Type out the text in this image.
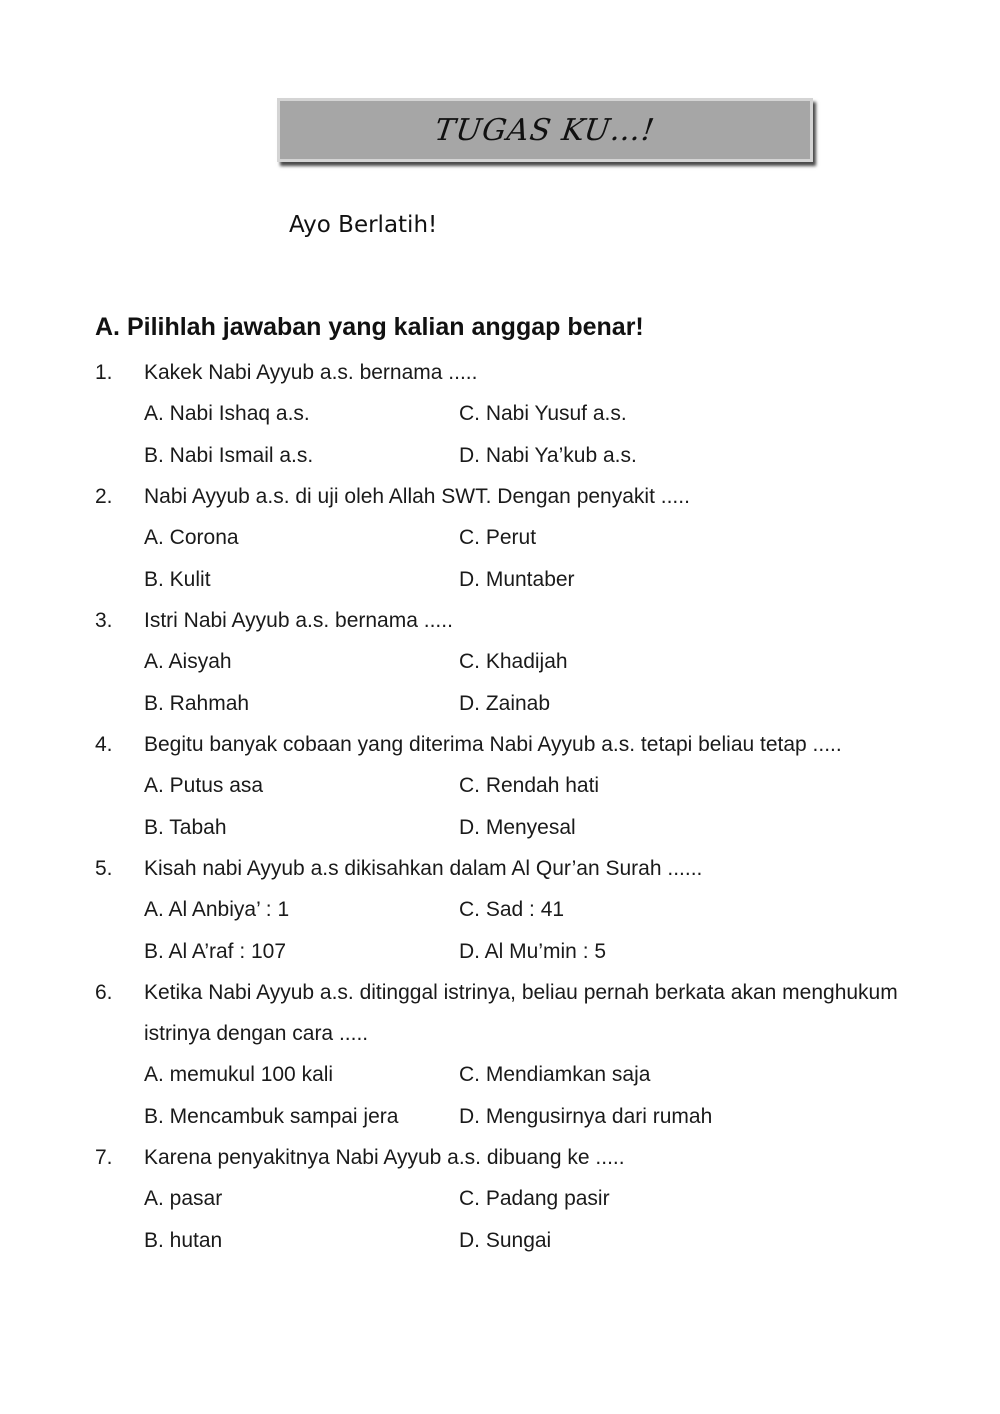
TUGAS KU…!
Ayo Berlatih!
A. Pilihlah jawaban yang kalian anggap benar!
1.	Kakek Nabi Ayyub a.s. bernama .....
A. Nabi Ishaq a.s.	C. Nabi Yusuf a.s.
B. Nabi Ismail a.s.	D. Nabi Ya’kub a.s.
2.	Nabi Ayyub a.s. di uji oleh Allah SWT. Dengan penyakit .....
A. Corona	C. Perut
B. Kulit	D. Muntaber
3.	Istri Nabi Ayyub a.s. bernama .....
A. Aisyah	C. Khadijah
B. Rahmah	D. Zainab
4.	Begitu banyak cobaan yang diterima Nabi Ayyub a.s. tetapi beliau tetap .....
A. Putus asa	C. Rendah hati
B. Tabah	D. Menyesal
5.	Kisah nabi Ayyub a.s dikisahkan dalam Al Qur’an Surah ......
A. Al Anbiya’ : 1	C. Sad : 41
B. Al A’raf : 107	D. Al Mu’min : 5
6.	Ketika Nabi Ayyub a.s. ditinggal istrinya, beliau pernah berkata akan menghukum istrinya dengan cara .....
A. memukul 100 kali	C. Mendiamkan saja
B. Mencambuk sampai jera	D. Mengusirnya dari rumah
7.	Karena penyakitnya Nabi Ayyub a.s. dibuang ke .....
A. pasar	C. Padang pasir
B. hutan	D. Sungai
